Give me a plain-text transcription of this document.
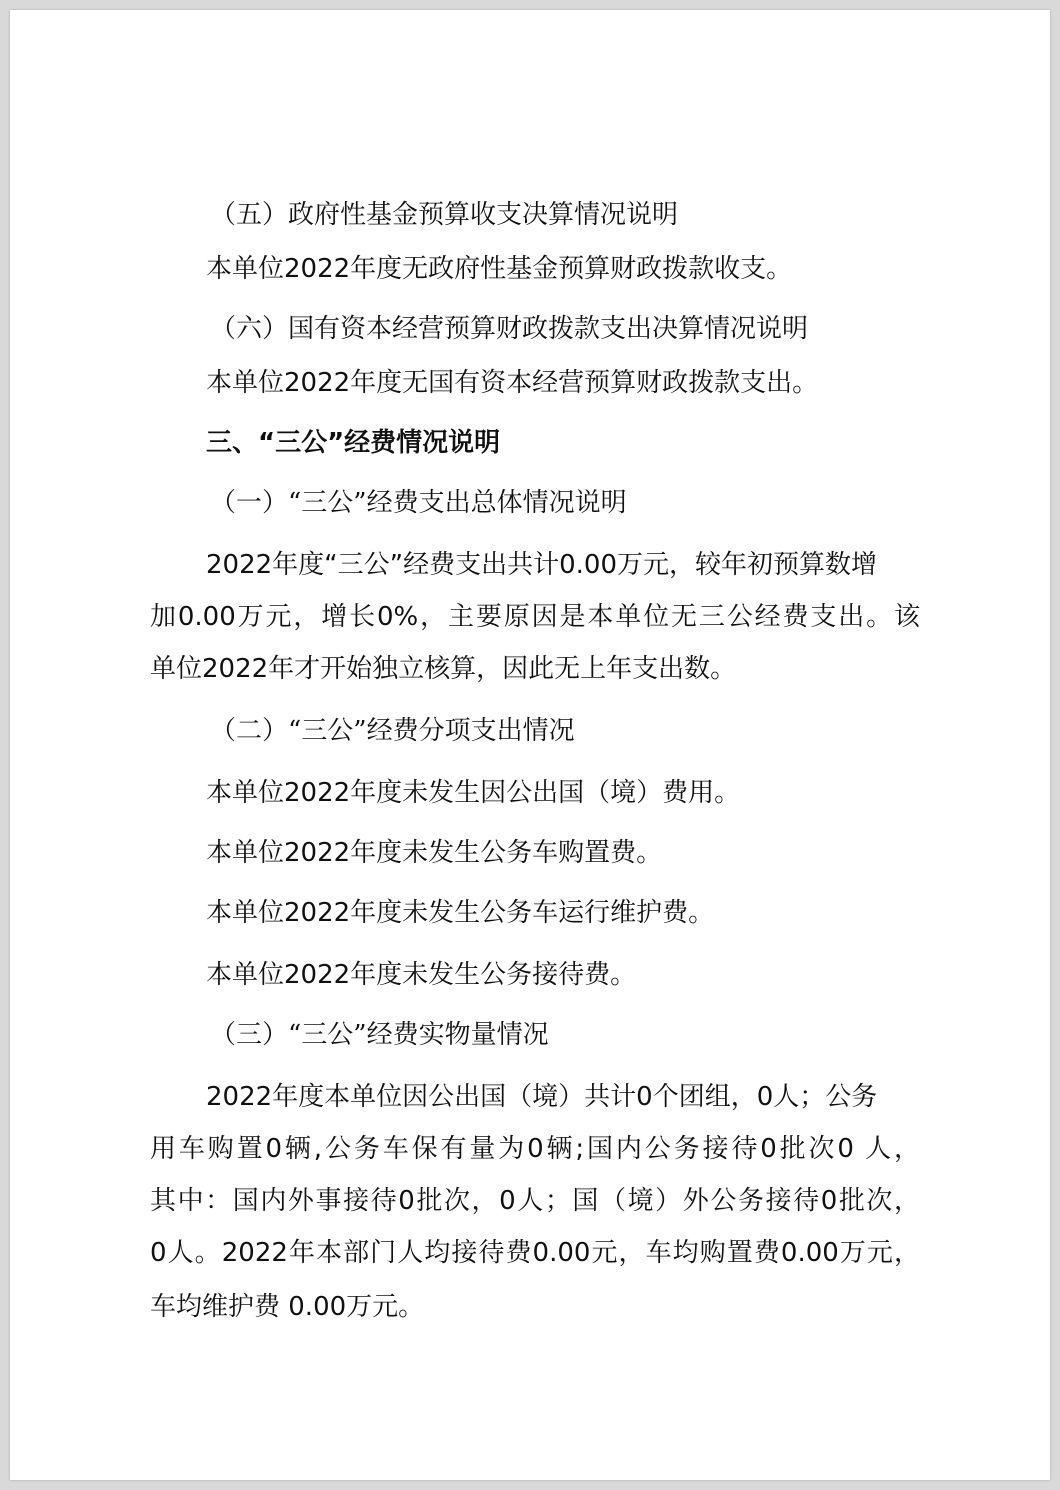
（五）政府性基金预算收支决算情况说明

本单位2022年度无政府性基金预算财政拨款收支。

（六）国有资本经营预算财政拨款支出决算情况说明

本单位2022年度无国有资本经营预算财政拨款支出。

三、“三公”经费情况说明

（一）“三公”经费支出总体情况说明

2022年度“三公”经费支出共计0.00万元，较年初预算数增

加0.00万元，增长0%，主要原因是本单位无三公经费支出。该

单位2022年才开始独立核算，因此无上年支出数。

（二）“三公”经费分项支出情况

本单位2022年度未发生因公出国（境）费用。

本单位2022年度未发生公务车购置费。

本单位2022年度未发生公务车运行维护费。

本单位2022年度未发生公务接待费。

（三）“三公”经费实物量情况

2022年度本单位因公出国（境）共计0个团组，0人；公务

用车购置0辆,公务车保有量为0辆;国内公务接待0批次0 人，

其中：国内外事接待0批次，0人；国（境）外公务接待0批次，

0人。2022年本部门人均接待费0.00元，车均购置费0.00万元，

车均维护费 0.00万元。
